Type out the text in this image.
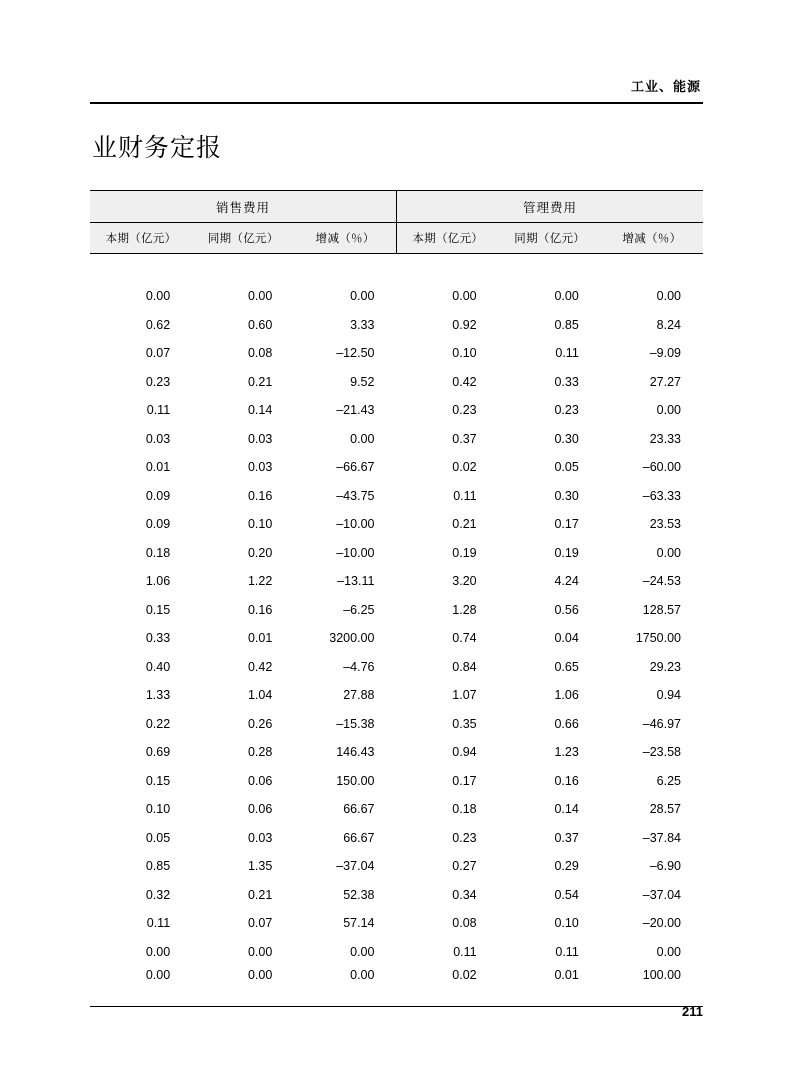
工业、能源
业财务定报
销售费用			管理费用		
本期（亿元）	同期（亿元）	增减（％）	本期（亿元）	同期（亿元）	增减（％）

0.00	0.00	0.00	0.00	0.00	0.00
0.62	0.60	3.33	0.92	0.85	8.24
0.07	0.08	–12.50	0.10	0.11	–9.09
0.23	0.21	9.52	0.42	0.33	27.27
0.11	0.14	–21.43	0.23	0.23	0.00
0.03	0.03	0.00	0.37	0.30	23.33
0.01	0.03	–66.67	0.02	0.05	–60.00
0.09	0.16	–43.75	0.11	0.30	–63.33
0.09	0.10	–10.00	0.21	0.17	23.53
0.18	0.20	–10.00	0.19	0.19	0.00
1.06	1.22	–13.11	3.20	4.24	–24.53
0.15	0.16	–6.25	1.28	0.56	128.57
0.33	0.01	3200.00	0.74	0.04	1750.00
0.40	0.42	–4.76	0.84	0.65	29.23
1.33	1.04	27.88	1.07	1.06	0.94
0.22	0.26	–15.38	0.35	0.66	–46.97
0.69	0.28	146.43	0.94	1.23	–23.58
0.15	0.06	150.00	0.17	0.16	6.25
0.10	0.06	66.67	0.18	0.14	28.57
0.05	0.03	66.67	0.23	0.37	–37.84
0.85	1.35	–37.04	0.27	0.29	–6.90
0.32	0.21	52.38	0.34	0.54	–37.04
0.11	0.07	57.14	0.08	0.10	–20.00
0.00	0.00	0.00	0.11	0.11	0.00
0.00	0.00	0.00	0.02	0.01	100.00
211
